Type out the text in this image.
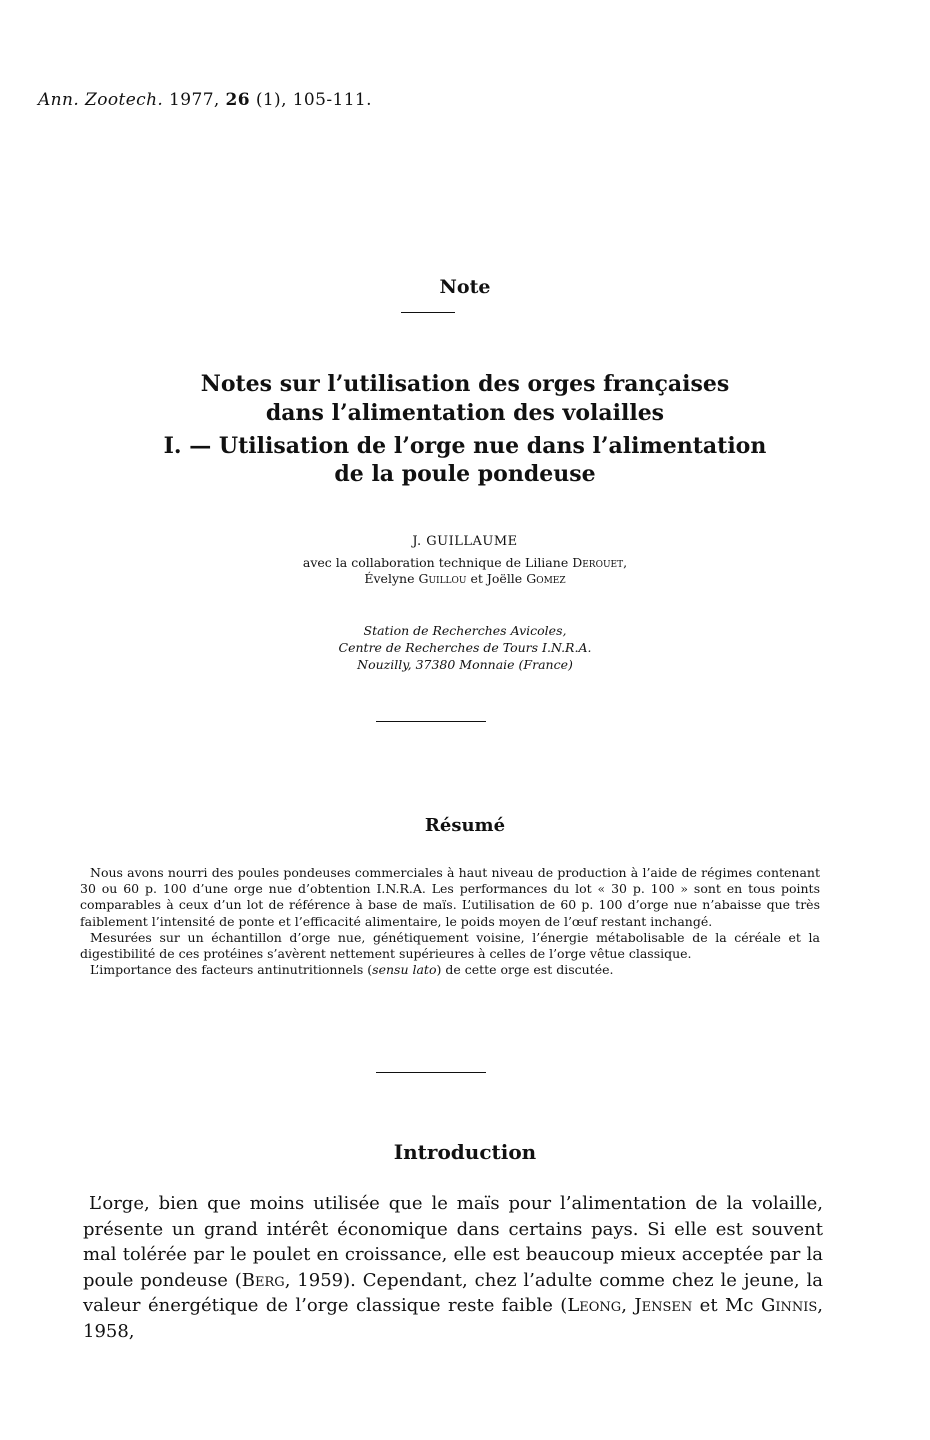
Ann. Zootech. 1977, 26 (1), 105-111.
Note
Notes sur l’utilisation des orges françaises
dans l’alimentation des volailles
I. — Utilisation de l’orge nue dans l’alimentation
de la poule pondeuse
J. GUILLAUME
avec la collaboration technique de Liliane Derouet,
Évelyne Guillou et Joëlle Gomez
Station de Recherches Avicoles,
Centre de Recherches de Tours I.N.R.A.
Nouzilly, 37380 Monnaie (France)
Résumé

Nous avons nourri des poules pondeuses commerciales à haut niveau de production à l’aide de régimes contenant 30 ou 60 p. 100 d’une orge nue d’obtention I.N.R.A. Les performances du lot « 30 p. 100 » sont en tous points comparables à ceux d’un lot de référence à base de maïs. L’utilisation de 60 p. 100 d’orge nue n’abaisse que très faiblement l’intensité de ponte et l’efficacité alimentaire, le poids moyen de l’œuf restant inchangé.

Mesurées sur un échantillon d’orge nue, génétiquement voisine, l’énergie métabolisable de la céréale et la digestibilité de ces protéines s’avèrent nettement supérieures à celles de l’orge vêtue classique.

L’importance des facteurs antinutritionnels (sensu lato) de cette orge est discutée.

Introduction

L’orge, bien que moins utilisée que le maïs pour l’alimentation de la volaille, présente un grand intérêt économique dans certains pays. Si elle est souvent mal tolérée par le poulet en croissance, elle est beaucoup mieux acceptée par la poule pondeuse (Berg, 1959). Cependant, chez l’adulte comme chez le jeune, la valeur énergétique de l’orge classique reste faible (Leong, Jensen et Mc Ginnis, 1958,
